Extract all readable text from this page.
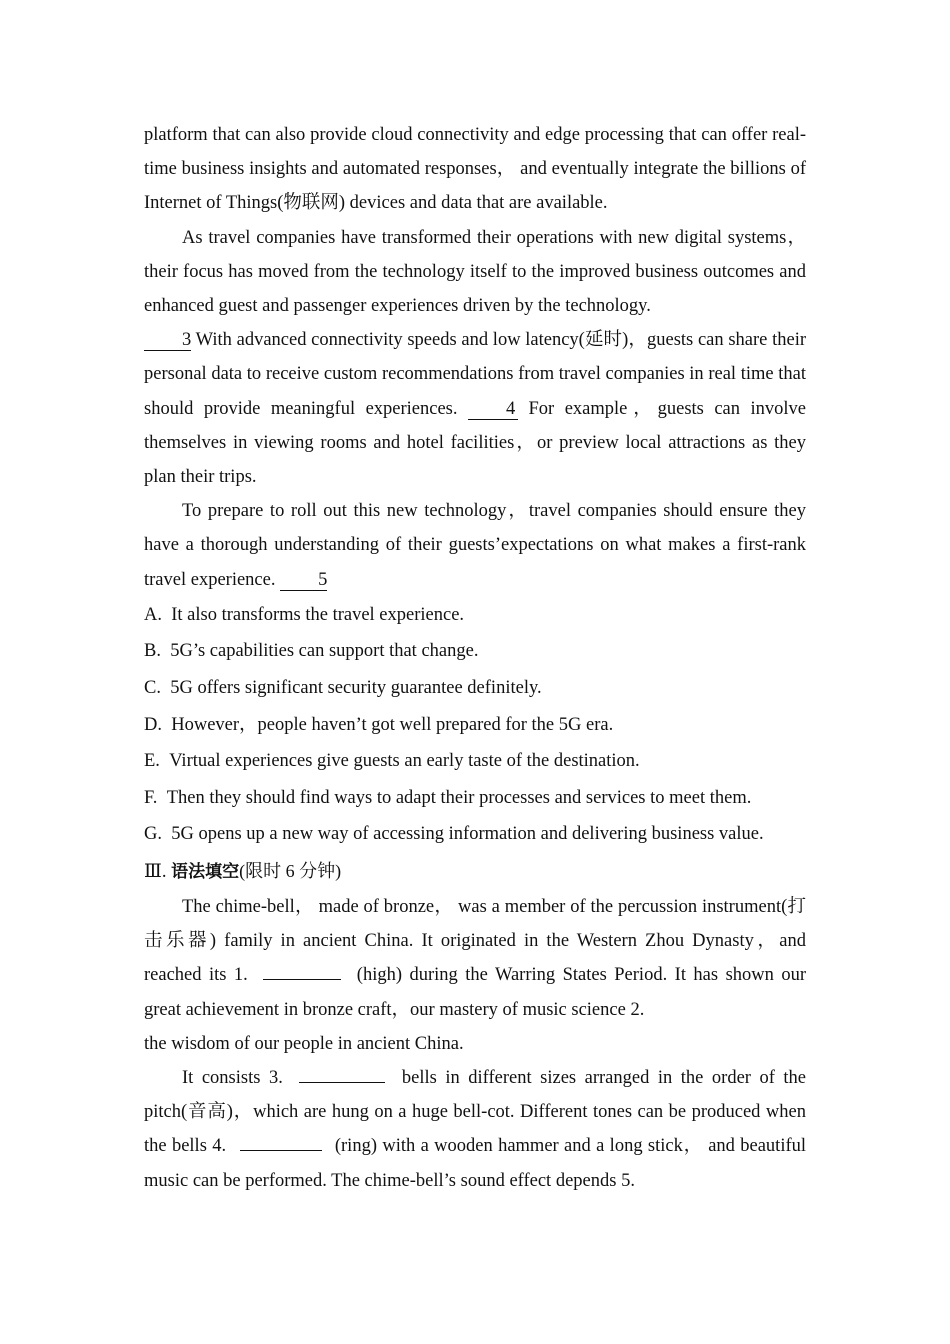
platform that can also provide cloud connectivity and edge processing that can offer real-time business insights and automated responses， and eventually integrate the billions of Internet of Things(物联网) devices and data that are available.

As travel companies have transformed their operations with new digital systems，their focus has moved from the technology itself to the improved business outcomes and enhanced guest and passenger experiences driven by the technology.
3 With advanced connectivity speeds and low latency(延时)，guests can share their personal data to receive custom recommendations from travel companies in real time that should provide meaningful experiences.	4 For example，guests can involve themselves in viewing rooms and hotel facilities，or preview local attractions as they plan their trips.

To prepare to roll out this new technology，travel companies should ensure they have a thorough understanding of their guests’expectations on what makes a first-rank travel experience. 5

A. It also transforms the travel experience.

B. 5G’s capabilities can support that change.

C. 5G offers significant security guarantee definitely.

D. However，people haven’t got well prepared for the 5G era.

E. Virtual experiences give guests an early taste of the destination.

F. Then they should find ways to adapt their processes and services to meet them.

G. 5G opens up a new way of accessing information and delivering business value.

Ⅲ. 语法填空(限时 6 分钟)

The chime-bell， made of bronze， was a member of the percussion instrument(打击乐器) family in ancient China. It originated in the Western Zhou Dynasty，and reached its 1.	(high) during the Warring States Period. It has shown our great achievement in bronze craft，our mastery of music science 2.
the wisdom of our people in ancient China.

It consists 3.	bells in different sizes arranged in the order of the pitch(音高)，which are hung on a huge bell-cot. Different tones can be produced when the bells 4.	(ring) with a wooden hammer and a long stick， and beautiful music can be performed. The chime-bell’s sound effect depends 5.
